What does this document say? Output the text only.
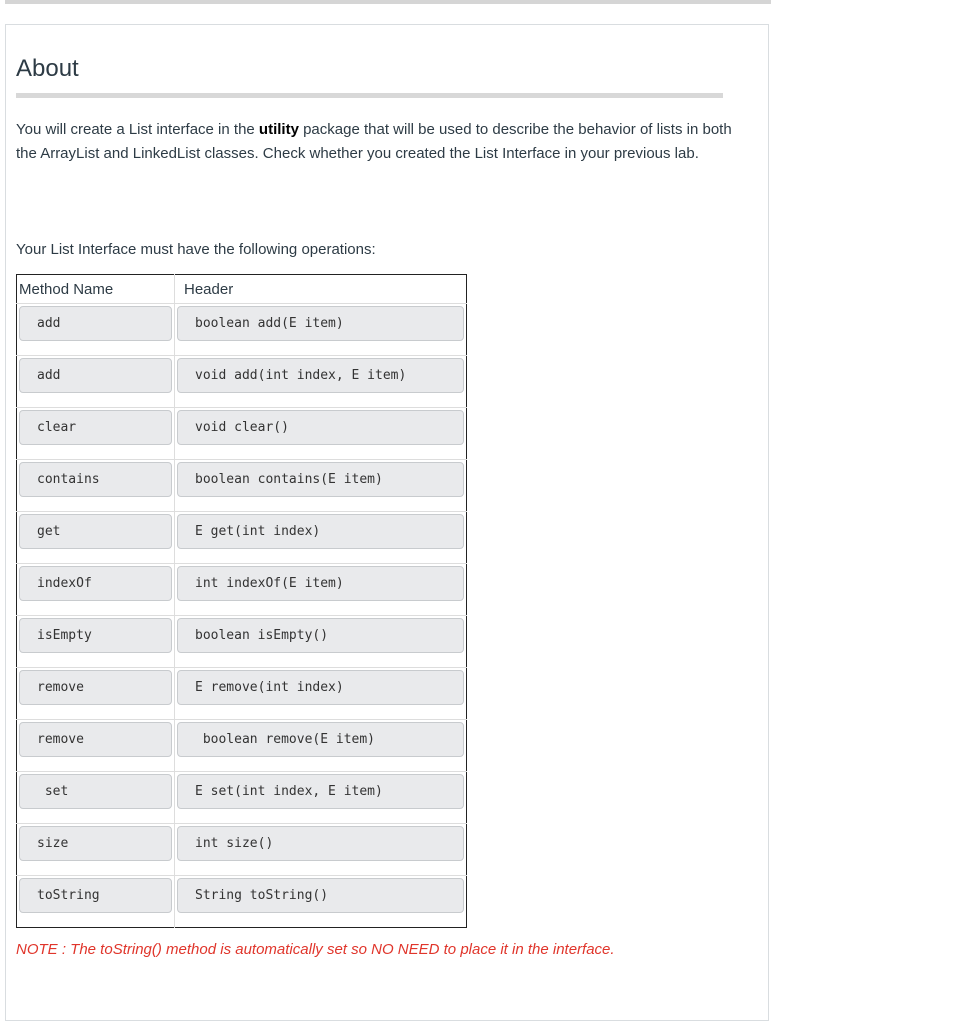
About

You will create a List interface in the utility package that will be used to describe the behavior of lists in both the ArrayList and LinkedList classes. Check whether you created the List Interface in your previous lab.

Your List Interface must have the following operations:

Method Name	Header

add	boolean add(E item)

add	void add(int index, E item)

clear	void clear()

contains	boolean contains(E item)

get	E get(int index)

indexOf	int indexOf(E item)

isEmpty	boolean isEmpty()

remove	E remove(int index)

remove	boolean remove(E item)

set	E set(int index, E item)

size	int size()

toString	String toString()

NOTE : The toString() method is automatically set so NO NEED to place it in the interface.
